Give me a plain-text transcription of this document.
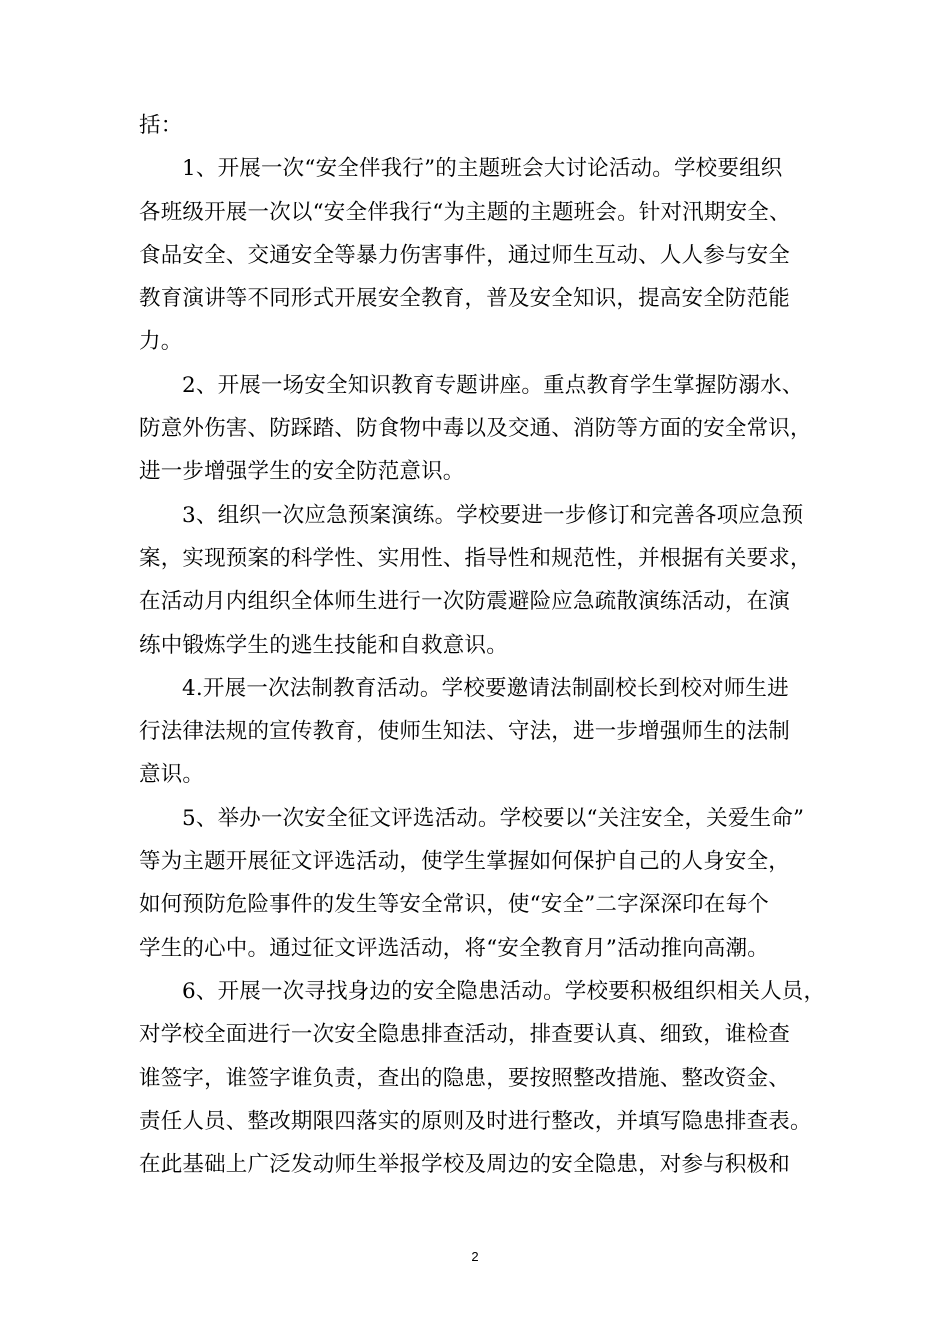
括：
1、开展一次“安全伴我行”的主题班会大讨论活动。学校要组织
各班级开展一次以“安全伴我行“为主题的主题班会。针对汛期安全、
食品安全、交通安全等暴力伤害事件，通过师生互动、人人参与安全
教育演讲等不同形式开展安全教育，普及安全知识，提高安全防范能
力。
2、开展一场安全知识教育专题讲座。重点教育学生掌握防溺水、
防意外伤害、防踩踏、防食物中毒以及交通、消防等方面的安全常识，
进一步增强学生的安全防范意识。
3、组织一次应急预案演练。学校要进一步修订和完善各项应急预
案，实现预案的科学性、实用性、指导性和规范性，并根据有关要求，
在活动月内组织全体师生进行一次防震避险应急疏散演练活动，在演
练中锻炼学生的逃生技能和自救意识。
4.开展一次法制教育活动。学校要邀请法制副校长到校对师生进
行法律法规的宣传教育，使师生知法、守法，进一步增强师生的法制
意识。
5、举办一次安全征文评选活动。学校要以“关注安全，关爱生命”
等为主题开展征文评选活动，使学生掌握如何保护自己的人身安全，
如何预防危险事件的发生等安全常识，使“安全”二字深深印在每个
学生的心中。通过征文评选活动，将“安全教育月”活动推向高潮。
6、开展一次寻找身边的安全隐患活动。学校要积极组织相关人员，
对学校全面进行一次安全隐患排查活动，排查要认真、细致，谁检查
谁签字，谁签字谁负责，查出的隐患，要按照整改措施、整改资金、
责任人员、整改期限四落实的原则及时进行整改，并填写隐患排查表。
在此基础上广泛发动师生举报学校及周边的安全隐患，对参与积极和
2
